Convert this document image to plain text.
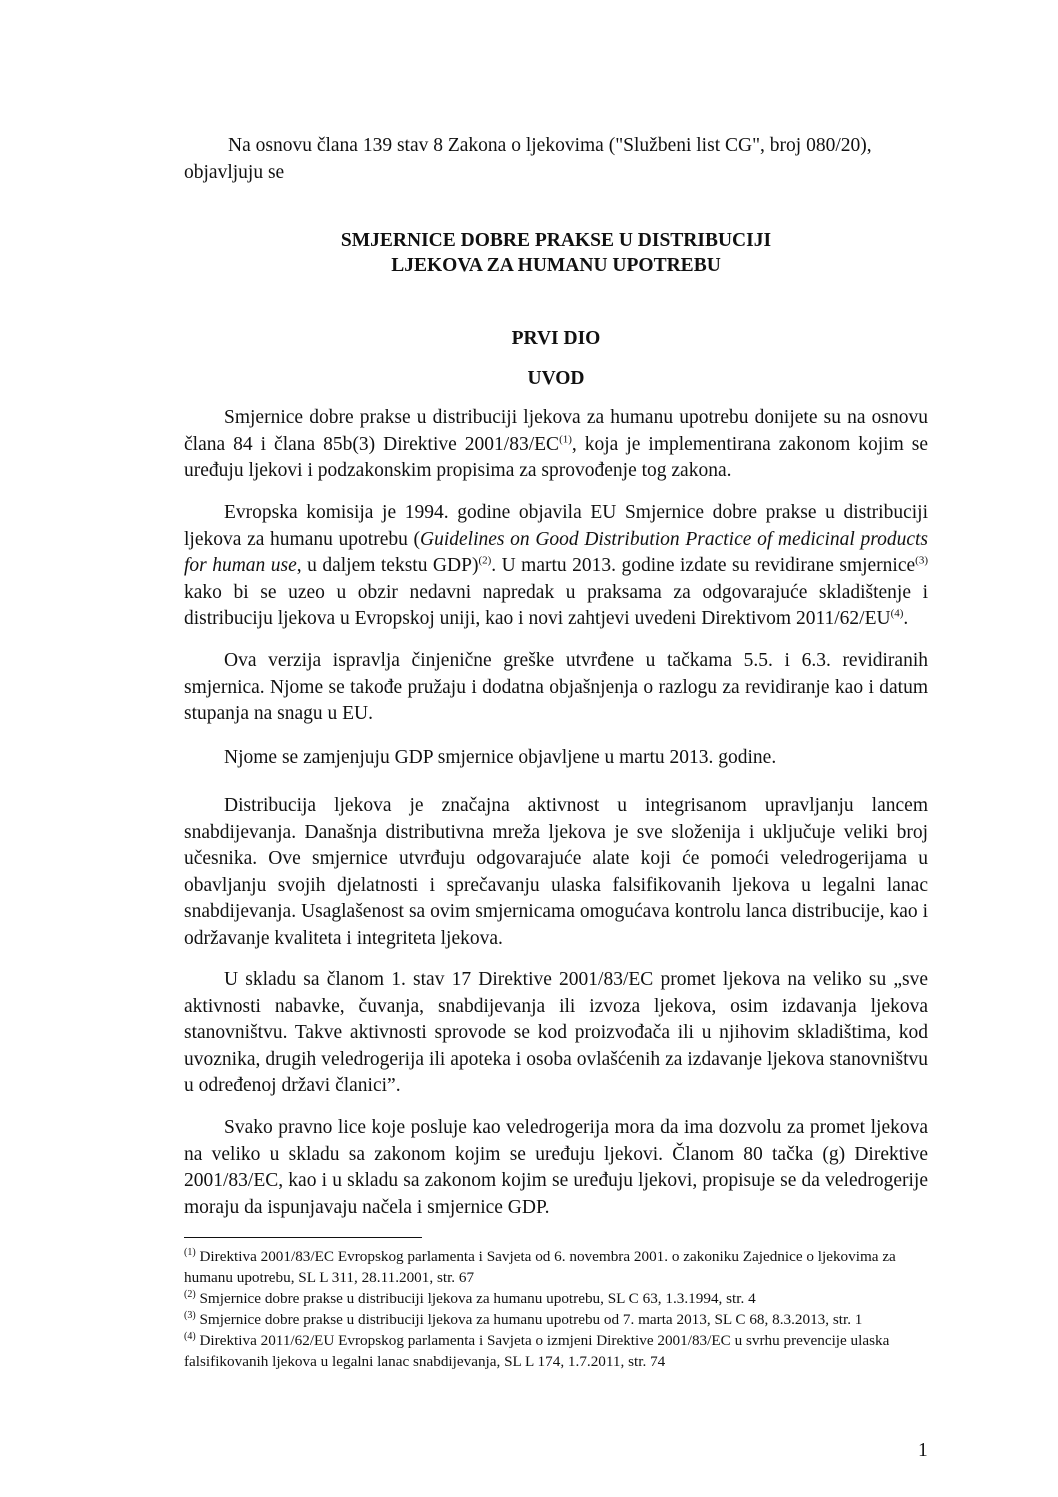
Na osnovu člana 139 stav 8 Zakona o ljekovima ("Službeni list CG", broj 080/20),
objavljuju se

SMJERNICE DOBRE PRAKSE U DISTRIBUCIJI
LJEKOVA ZA HUMANU UPOTREBU
PRVI DIO
UVOD

Smjernice dobre prakse u distribuciji ljekova za humanu upotrebu donijete su na osnovu člana 84 i člana 85b(3) Direktive 2001/83/EC$^{(1)}$, koja je implementirana zakonom kojim se uređuju ljekovi i podzakonskim propisima za sprovođenje tog zakona.

Evropska komisija je 1994. godine objavila EU Smjernice dobre prakse u distribuciji ljekova za humanu upotrebu (Guidelines on Good Distribution Practice of medicinal products for human use, u daljem tekstu GDP)$^{(2)}$. U martu 2013. godine izdate su revidirane smjernice$^{(3)}$ kako bi se uzeo u obzir nedavni napredak u praksama za odgovarajuće skladištenje i distribuciju ljekova u Evropskoj uniji, kao i novi zahtjevi uvedeni Direktivom 2011/62/EU$^{(4)}$.

Ova verzija ispravlja činjenične greške utvrđene u tačkama 5.5. i 6.3. revidiranih smjernica. Njome se takođe pružaju i dodatna objašnjenja o razlogu za revidiranje kao i datum stupanja na snagu u EU.

Njome se zamjenjuju GDP smjernice objavljene u martu 2013. godine.

Distribucija ljekova je značajna aktivnost u integrisanom upravljanju lancem snabdijevanja. Današnja distributivna mreža ljekova je sve složenija i uključuje veliki broj učesnika. Ove smjernice utvrđuju odgovarajuće alate koji će pomoći veledrogerijama u obavljanju svojih djelatnosti i sprečavanju ulaska falsifikovanih ljekova u legalni lanac snabdijevanja. Usaglašenost sa ovim smjernicama omogućava kontrolu lanca distribucije, kao i održavanje kvaliteta i integriteta ljekova.

U skladu sa članom 1. stav 17 Direktive 2001/83/EC promet ljekova na veliko su „sve aktivnosti nabavke, čuvanja, snabdijevanja ili izvoza ljekova, osim izdavanja ljekova stanovništvu. Takve aktivnosti sprovode se kod proizvođača ili u njihovim skladištima, kod uvoznika, drugih veledrogerija ili apoteka i osoba ovlašćenih za izdavanje ljekova stanovništvu u određenoj državi članici”.

Svako pravno lice koje posluje kao veledrogerija mora da ima dozvolu za promet ljekova na veliko u skladu sa zakonom kojim se uređuju ljekovi. Članom 80 tačka (g) Direktive 2001/83/EC, kao i u skladu sa zakonom kojim se uređuju ljekovi, propisuje se da veledrogerije moraju da ispunjavaju načela i smjernice GDP.

$^{(1)}$ Direktiva 2001/83/EC Evropskog parlamenta i Savjeta od 6. novembra 2001. o zakoniku Zajednice o ljekovima za humanu upotrebu, SL L 311, 28.11.2001, str. 67
$^{(2)}$ Smjernice dobre prakse u distribuciji ljekova za humanu upotrebu, SL C 63, 1.3.1994, str. 4
$^{(3)}$ Smjernice dobre prakse u distribuciji ljekova za humanu upotrebu od 7. marta 2013, SL C 68, 8.3.2013, str. 1
$^{(4)}$ Direktiva 2011/62/EU Evropskog parlamenta i Savjeta o izmjeni Direktive 2001/83/EC u svrhu prevencije ulaska falsifikovanih ljekova u legalni lanac snabdijevanja, SL L 174, 1.7.2011, str. 74
1
